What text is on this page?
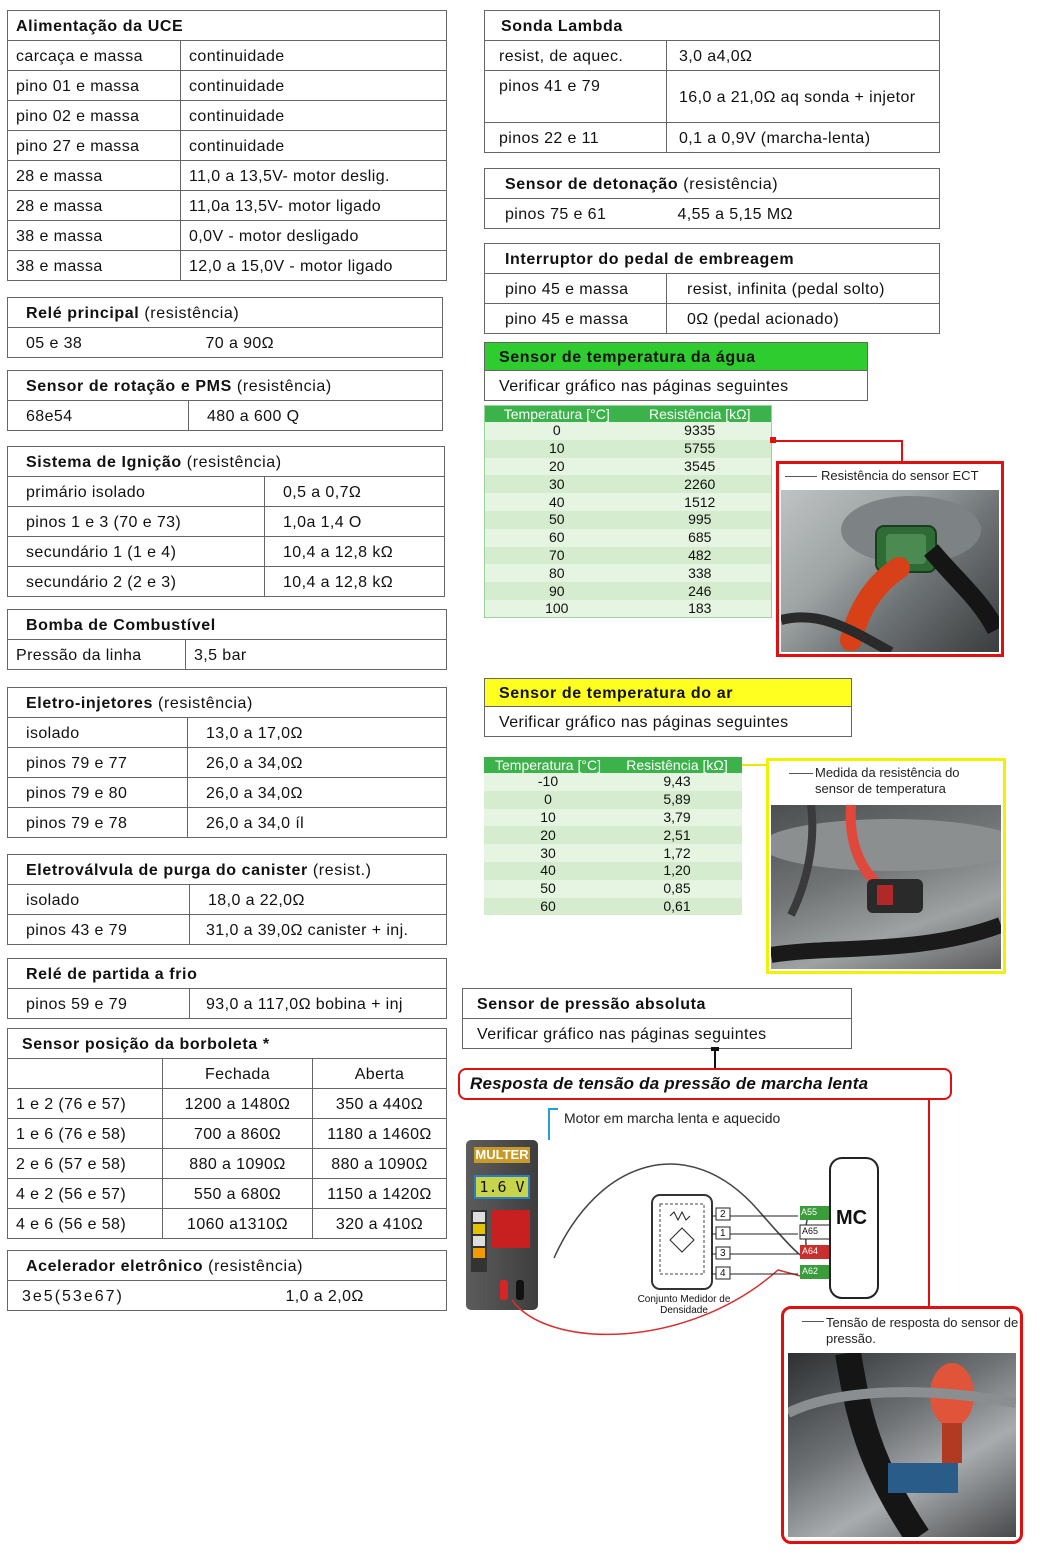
Alimentação da UCE	
carcaça e massa	continuidade
pino 01 e massa	continuidade
pino 02 e massa	continuidade
pino 27 e massa	continuidade
28 e massa	11,0 a 13,5V- motor deslig.
28 e massa	11,0a 13,5V- motor ligado
38 e massa	0,0V - motor desligado
38 e massa	12,0 a 15,0V - motor ligado
Relé principal (resistência)
05 e 38	70 a 90Ω
Sensor de rotação e PMS (resistência)
68e54	480 a 600 Q
Sistema de Ignição (resistência)	
primário isolado	0,5 a 0,7Ω
pinos 1 e 3 (70 e 73)	1,0a 1,4 O
secundário 1 (1 e 4)	10,4 a 12,8 kΩ
secundário 2 (2 e 3)	10,4 a 12,8 kΩ
Bomba de Combustível
Pressão da linha	3,5 bar
Eletro-injetores (resistência)	
isolado	13,0 a 17,0Ω
pinos 79 e 77	26,0 a 34,0Ω
pinos 79 e 80	26,0 a 34,0Ω
pinos 79 e 78	26,0 a 34,0 íl
Eletroválvula de purga do canister (resist.)	
isolado	18,0 a 22,0Ω
pinos 43 e 79	31,0 a 39,0Ω canister + inj.
Relé de partida a frio
pinos 59 e 79	93,0 a 117,0Ω bobina + inj
Sensor posição da borboleta *		
	Fechada	Aberta
1 e 2 (76 e 57)	1200 a 1480Ω	350 a 440Ω
1 e 6 (76 e 58)	700 a 860Ω	1180 a 1460Ω
2 e 6 (57 e 58)	880 a 1090Ω	880 a 1090Ω
4 e 2 (56 e 57)	550 a 680Ω	1150 a 1420Ω
4 e 6 (56 e 58)	1060 a1310Ω	320 a 410Ω
Acelerador eletrônico (resistência)
3e5(53e67)	1,0 a 2,0Ω
Sonda Lambda	
resist, de aquec.	3,0 a4,0Ω
pinos 41 e 79	16,0 a 21,0Ω aq sonda + injetor
pinos 22 e 11	0,1 a 0,9V (marcha-lenta)
Sensor de detonação (resistência)
pinos 75 e 61	4,55 a 5,15 MΩ
Interruptor do pedal de embreagem	
pino 45 e massa	resist, infinita (pedal solto)
pino 45 e massa	0Ω (pedal acionado)
Sensor de temperatura da água
Verificar gráfico nas páginas seguintes
Temperatura [°C]	Resistência [kΩ]
0	9335
10	5755
20	3545
30	2260
40	1512
50	995
60	685
70	482
80	338
90	246
100	183
Resistência do sensor ECT
Sensor de temperatura do ar
Verificar gráfico nas páginas seguintes
Temperatura [°C]	Resistência [kΩ]
-10	9,43
0	5,89
10	3,79
20	2,51
30	1,72
40	1,20
50	0,85
60	0,61
Medida da resistência do sensor de temperatura
Sensor de pressão absoluta
Verificar gráfico nas páginas seguintes
Resposta de tensão da pressão de marcha lenta
Motor em marcha lenta e aquecido
MULTER
1.6 V
MC
A55
A65
A64
A62
2
1
3
4
Conjunto Medidor de Densidade
Tensão de resposta do sensor de pressão.
